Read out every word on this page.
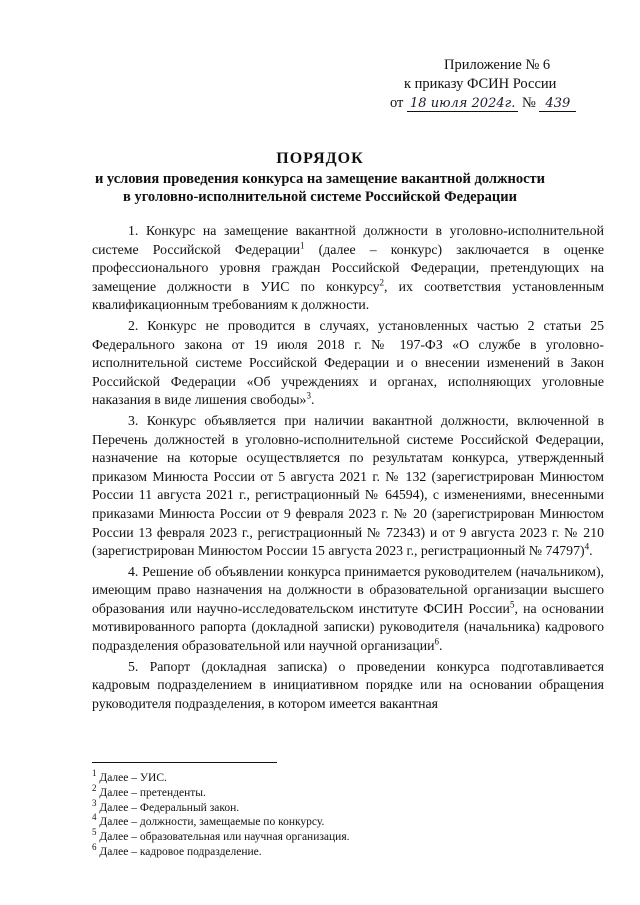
Приложение № 6
к приказу ФСИН России
от 18 июля 2024г. № 439
ПОРЯДОК
и условия проведения конкурса на замещение вакантной должности
в уголовно-исполнительной системе Российской Федерации

1. Конкурс на замещение вакантной должности в уголовно-исполнительной системе Российской Федерации$^1$ (далее – конкурс) заключается в оценке профессионального уровня граждан Российской Федерации, претендующих на замещение должности в УИС по конкурсу$^2$, их соответствия установленным квалификационным требованиям к должности.

2. Конкурс не проводится в случаях, установленных частью 2 статьи 25 Федерального закона от 19 июля 2018 г. № 197-ФЗ «О службе в уголовно-исполнительной системе Российской Федерации и о внесении изменений в Закон Российской Федерации «Об учреждениях и органах, исполняющих уголовные наказания в виде лишения свободы»$^3$.

3. Конкурс объявляется при наличии вакантной должности, включенной в Перечень должностей в уголовно-исполнительной системе Российской Федерации, назначение на которые осуществляется по результатам конкурса, утвержденный приказом Минюста России от 5 августа 2021 г. № 132 (зарегистрирован Минюстом России 11 августа 2021 г., регистрационный № 64594), с изменениями, внесенными приказами Минюста России от 9 февраля 2023 г. № 20 (зарегистрирован Минюстом России 13 февраля 2023 г., регистрационный № 72343) и от 9 августа 2023 г. № 210 (зарегистрирован Минюстом России 15 августа 2023 г., регистрационный № 74797)$^4$.

4. Решение об объявлении конкурса принимается руководителем (начальником), имеющим право назначения на должности в образовательной организации высшего образования или научно-исследовательском институте ФСИН России$^5$, на основании мотивированного рапорта (докладной записки) руководителя (начальника) кадрового подразделения образовательной или научной организации$^6$.

5. Рапорт (докладная записка) о проведении конкурса подготавливается кадровым подразделением в инициативном порядке или на основании обращения руководителя подразделения, в котором имеется вакантная

$^1$ Далее – УИС.
$^2$ Далее – претенденты.
$^3$ Далее – Федеральный закон.
$^4$ Далее – должности, замещаемые по конкурсу.
$^5$ Далее – образовательная или научная организация.
$^6$ Далее – кадровое подразделение.
